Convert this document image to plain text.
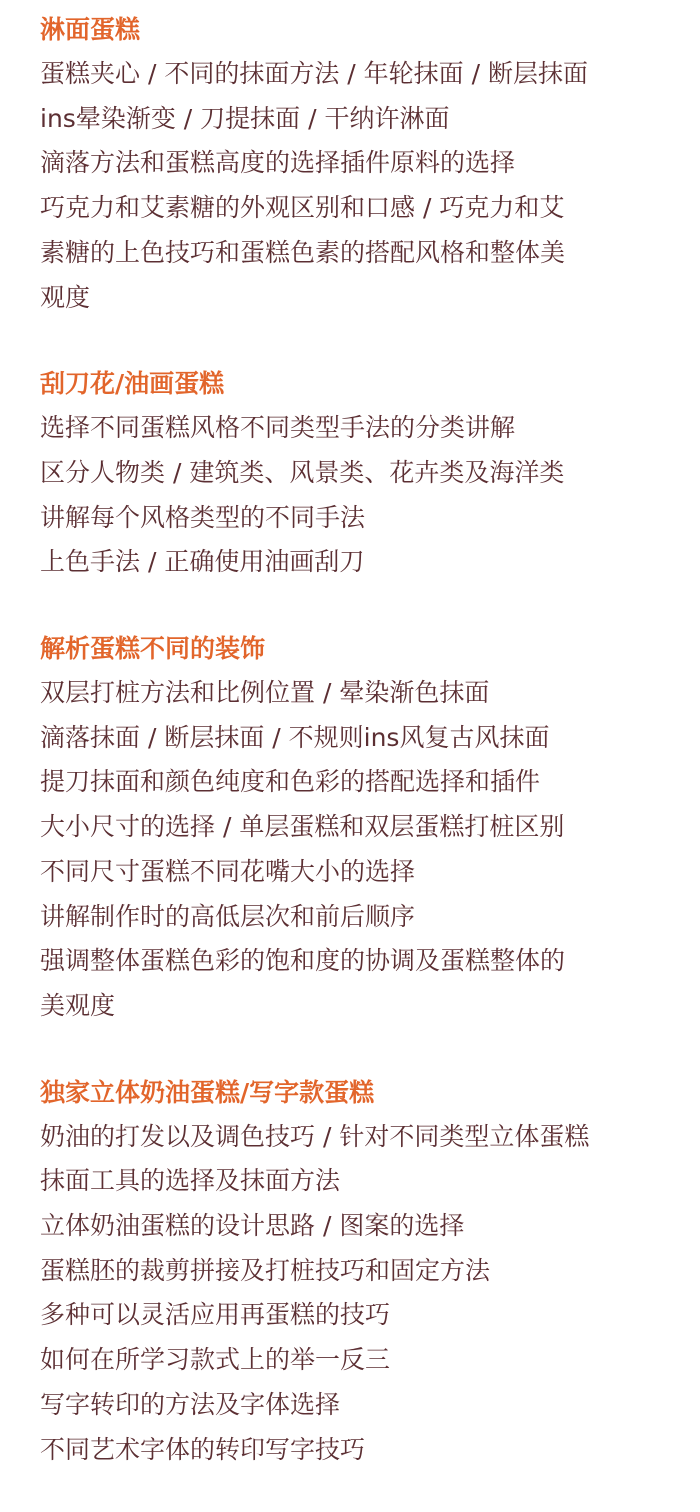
淋面蛋糕
蛋糕夹心 / 不同的抹面方法 / 年轮抹面 / 断层抹面
ins晕染渐变 / 刀提抹面 / 干纳许淋面
滴落方法和蛋糕高度的选择插件原料的选择
巧克力和艾素糖的外观区别和口感 / 巧克力和艾
素糖的上色技巧和蛋糕色素的搭配风格和整体美
观度
刮刀花/油画蛋糕
选择不同蛋糕风格不同类型手法的分类讲解
区分人物类 / 建筑类、风景类、花卉类及海洋类
讲解每个风格类型的不同手法
上色手法 / 正确使用油画刮刀
解析蛋糕不同的装饰
双层打桩方法和比例位置 / 晕染渐色抹面
滴落抹面 / 断层抹面 / 不规则ins风复古风抹面
提刀抹面和颜色纯度和色彩的搭配选择和插件
大小尺寸的选择 / 单层蛋糕和双层蛋糕打桩区别
不同尺寸蛋糕不同花嘴大小的选择
讲解制作时的高低层次和前后顺序
强调整体蛋糕色彩的饱和度的协调及蛋糕整体的
美观度
独家立体奶油蛋糕/写字款蛋糕
奶油的打发以及调色技巧 / 针对不同类型立体蛋糕
抹面工具的选择及抹面方法
立体奶油蛋糕的设计思路 / 图案的选择
蛋糕胚的裁剪拼接及打桩技巧和固定方法
多种可以灵活应用再蛋糕的技巧
如何在所学习款式上的举一反三
写字转印的方法及字体选择
不同艺术字体的转印写字技巧
